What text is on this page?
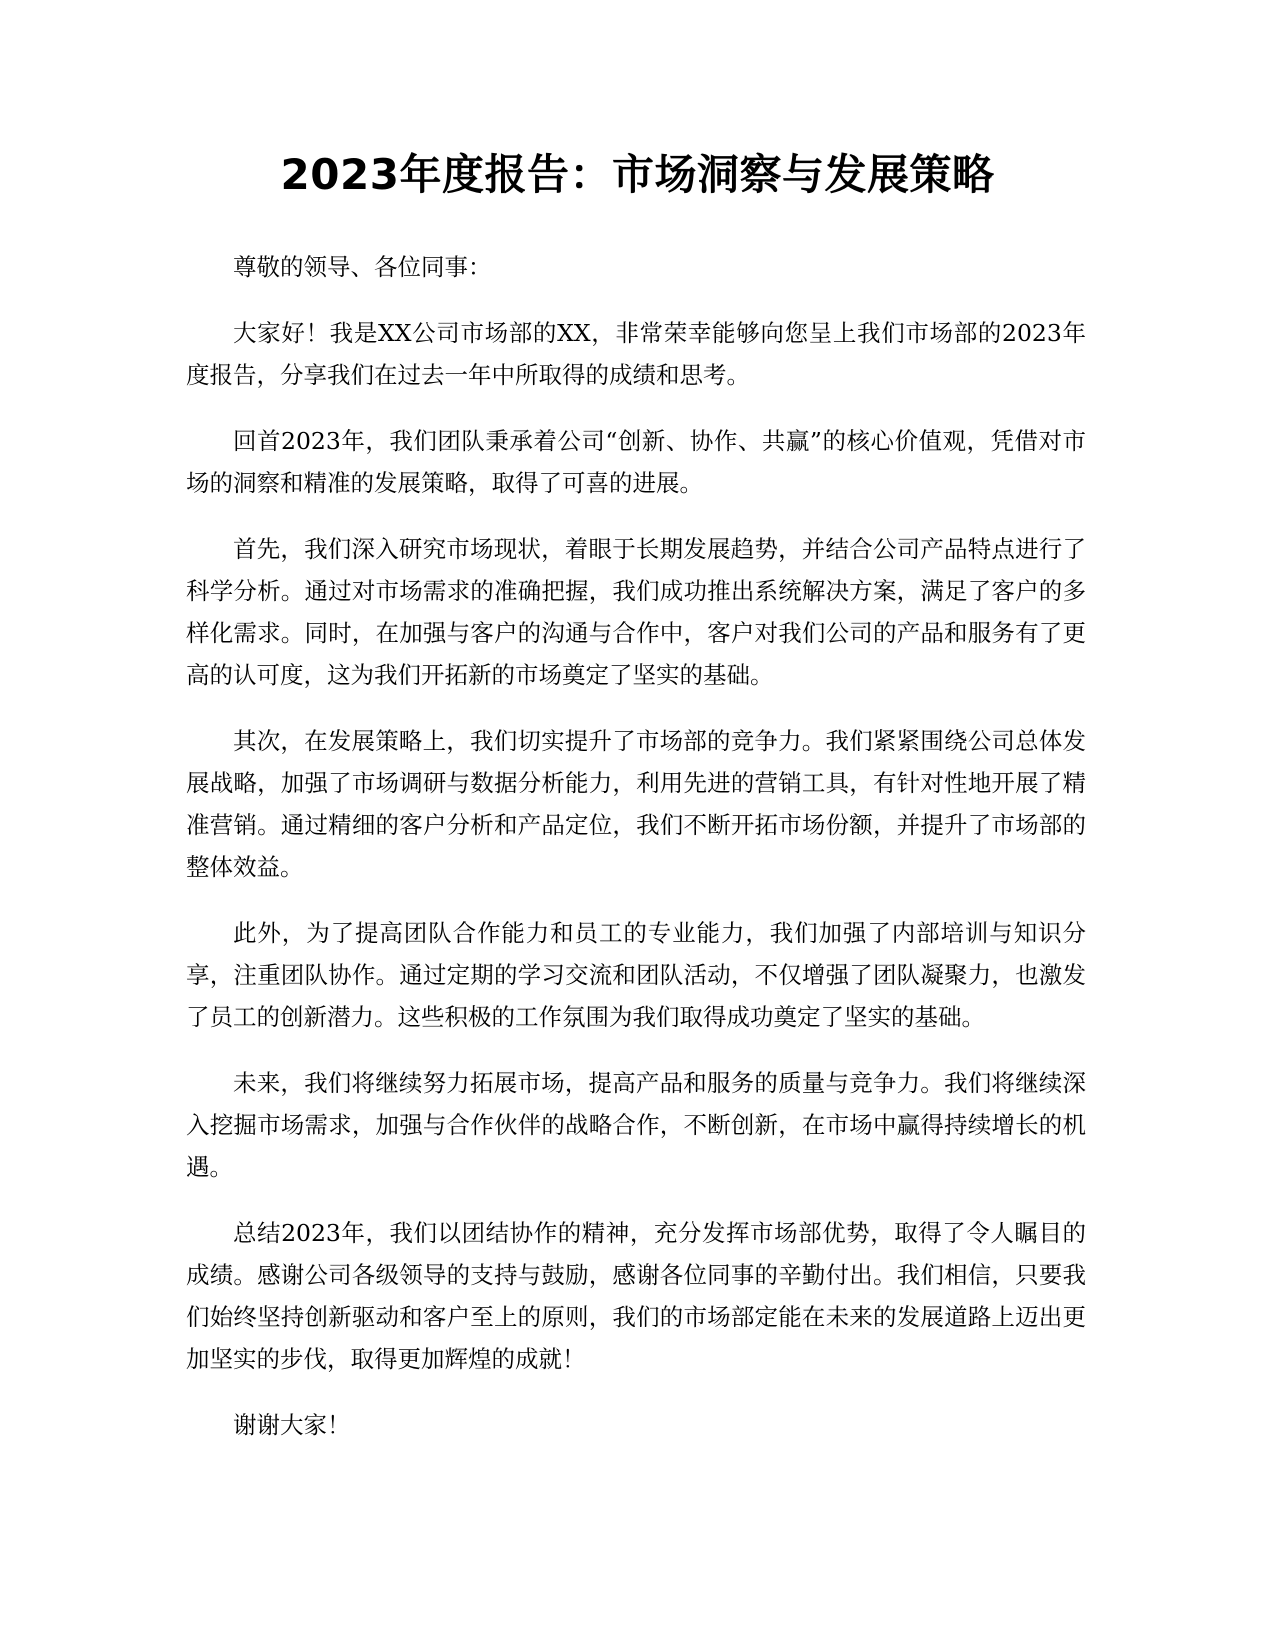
2023年度报告：市场洞察与发展策略

尊敬的领导、各位同事：

大家好！我是XX公司市场部的XX，非常荣幸能够向您呈上我们市场部的2023年度报告，分享我们在过去一年中所取得的成绩和思考。

回首2023年，我们团队秉承着公司“创新、协作、共赢”的核心价值观，凭借对市场的洞察和精准的发展策略，取得了可喜的进展。

首先，我们深入研究市场现状，着眼于长期发展趋势，并结合公司产品特点进行了科学分析。通过对市场需求的准确把握，我们成功推出系统解决方案，满足了客户的多样化需求。同时，在加强与客户的沟通与合作中，客户对我们公司的产品和服务有了更高的认可度，这为我们开拓新的市场奠定了坚实的基础。

其次，在发展策略上，我们切实提升了市场部的竞争力。我们紧紧围绕公司总体发展战略，加强了市场调研与数据分析能力，利用先进的营销工具，有针对性地开展了精准营销。通过精细的客户分析和产品定位，我们不断开拓市场份额，并提升了市场部的整体效益。

此外，为了提高团队合作能力和员工的专业能力，我们加强了内部培训与知识分享，注重团队协作。通过定期的学习交流和团队活动，不仅增强了团队凝聚力，也激发了员工的创新潜力。这些积极的工作氛围为我们取得成功奠定了坚实的基础。

未来，我们将继续努力拓展市场，提高产品和服务的质量与竞争力。我们将继续深入挖掘市场需求，加强与合作伙伴的战略合作，不断创新，在市场中赢得持续增长的机遇。

总结2023年，我们以团结协作的精神，充分发挥市场部优势，取得了令人瞩目的成绩。感谢公司各级领导的支持与鼓励，感谢各位同事的辛勤付出。我们相信，只要我们始终坚持创新驱动和客户至上的原则，我们的市场部定能在未来的发展道路上迈出更加坚实的步伐，取得更加辉煌的成就！

谢谢大家！
